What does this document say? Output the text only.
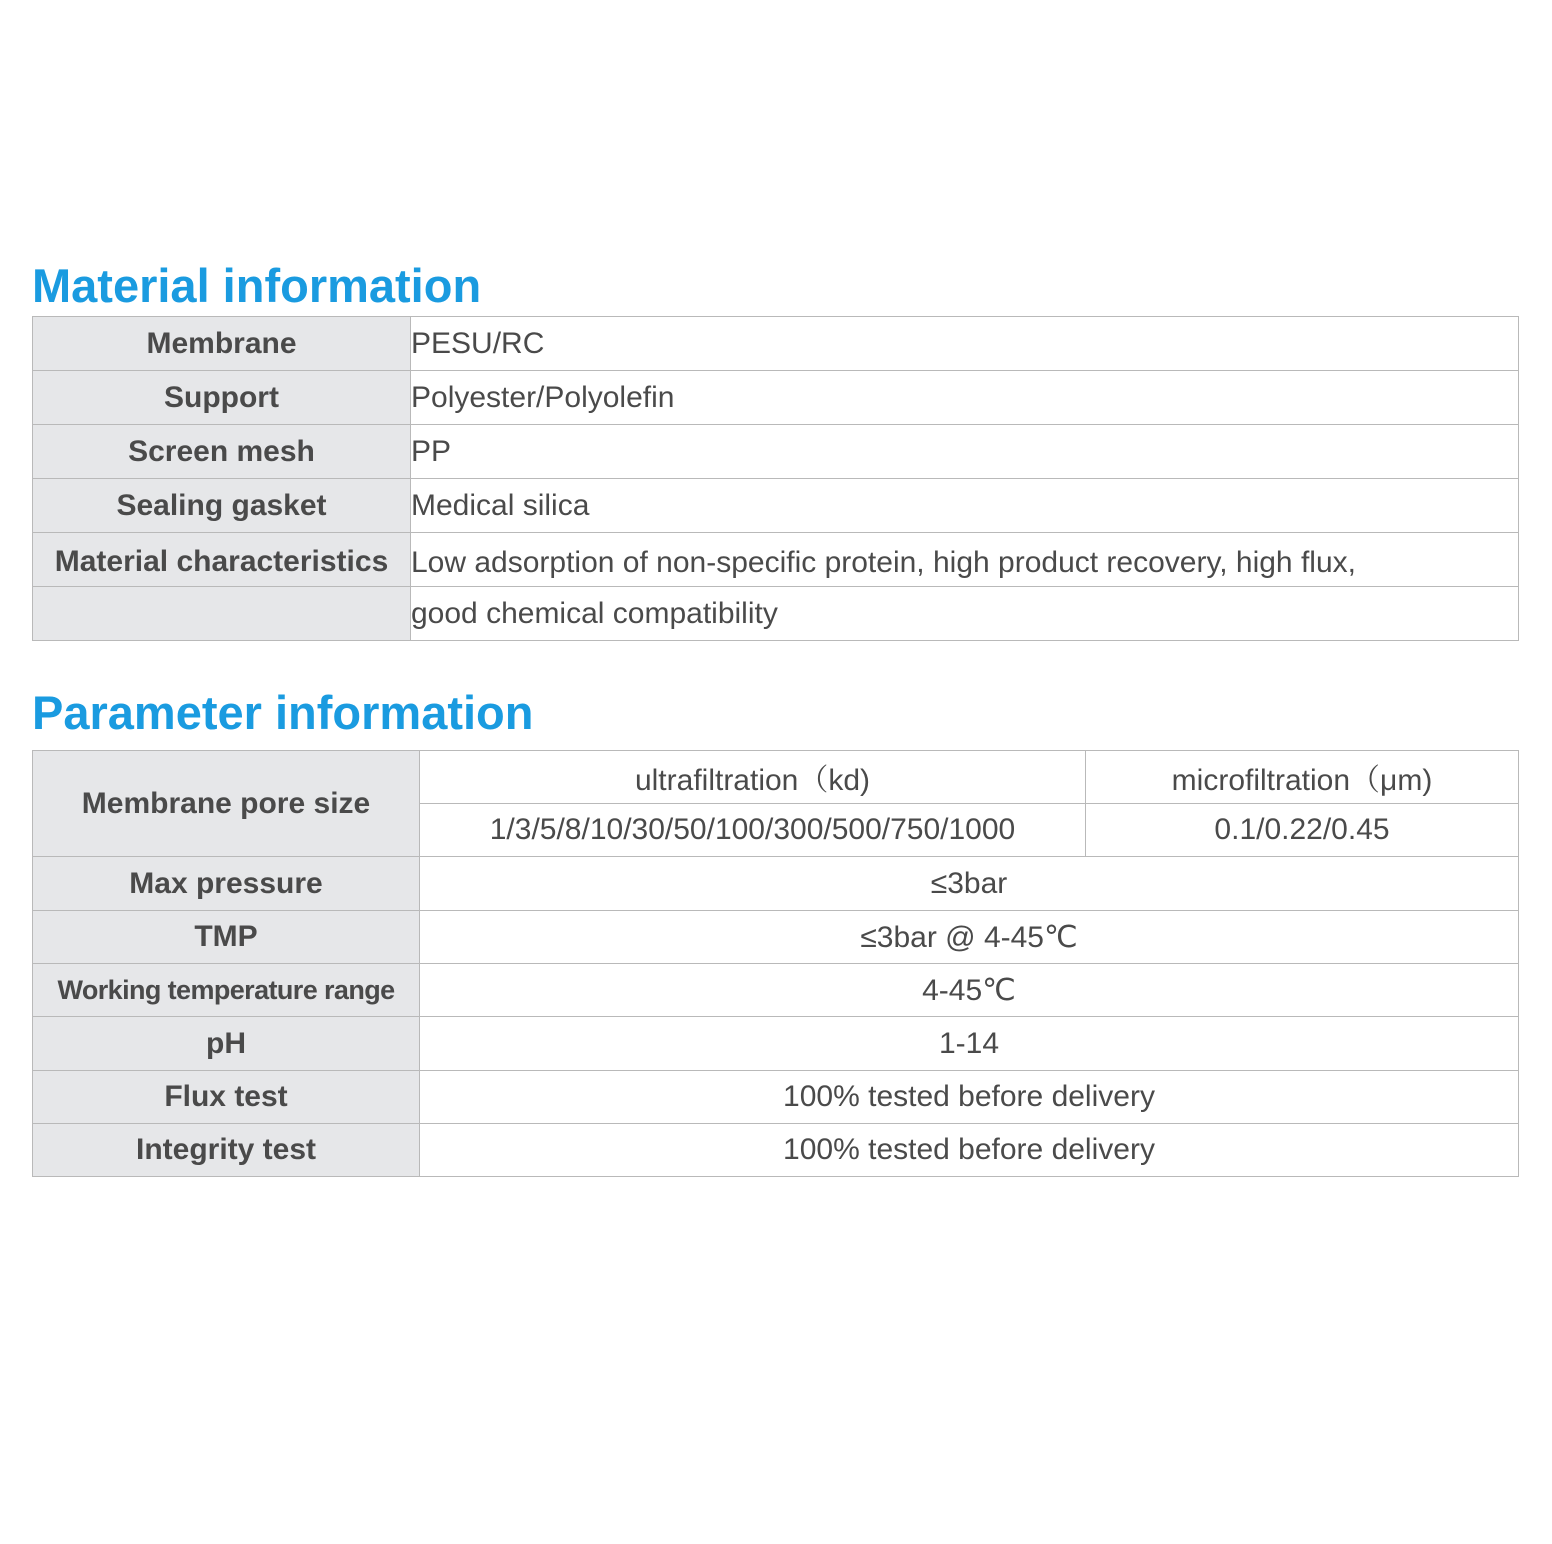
Material information
Membrane	PESU/RC
Support	Polyester/Polyolefin
Screen mesh	PP
Sealing gasket	Medical silica
Material characteristics	Low adsorption of non-specific protein, high product recovery, high flux,
	good chemical compatibility
Parameter information
Membrane pore size	ultrafiltration（kd)	microfiltration（μm)
	1/3/5/8/10/30/50/100/300/500/750/1000	0.1/0.22/0.45
Max pressure	≤3bar	
TMP	≤3bar @ 4-45℃	
Working temperature range	4-45℃	
pH	1-14	
Flux test	100% tested before delivery	
Integrity test	100% tested before delivery	
